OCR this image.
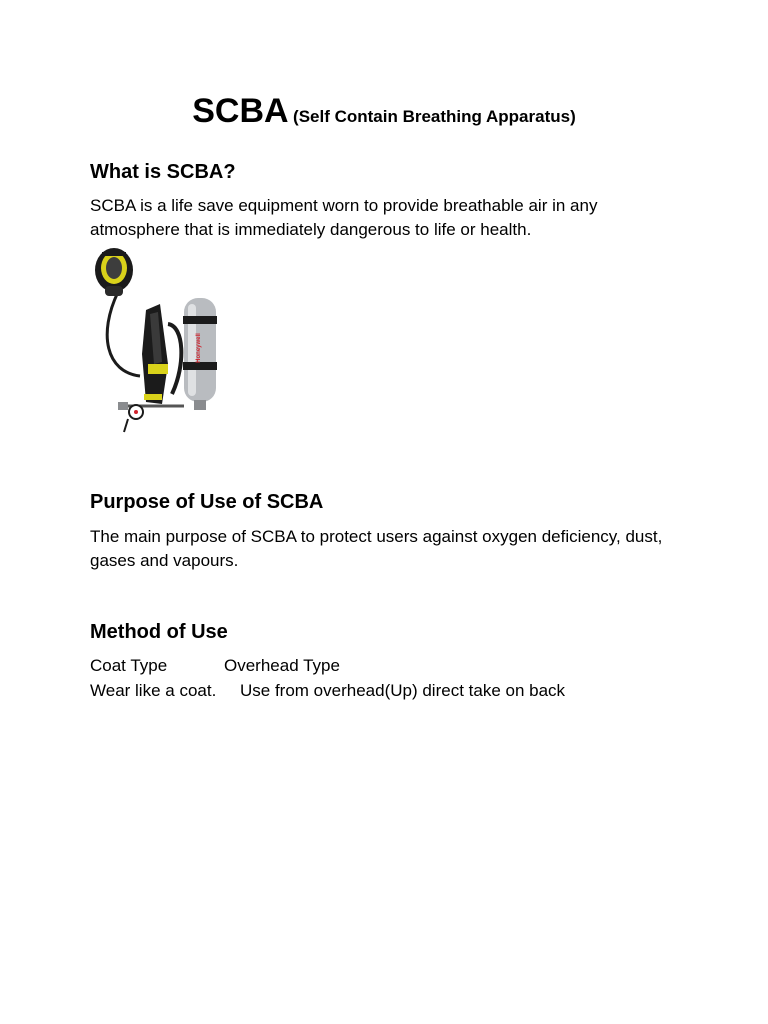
SCBA (Self Contain Breathing Apparatus)
What is SCBA?
SCBA is a life save equipment worn to provide breathable air in any atmosphere that is immediately dangerous to life or health.
Honeywell
Purpose of Use of SCBA
The main purpose of SCBA to protect users against oxygen deficiency, dust, gases and vapours.
Method of Use
Coat Type	Overhead Type
Wear like a coat. Use from overhead(Up) direct take on back
